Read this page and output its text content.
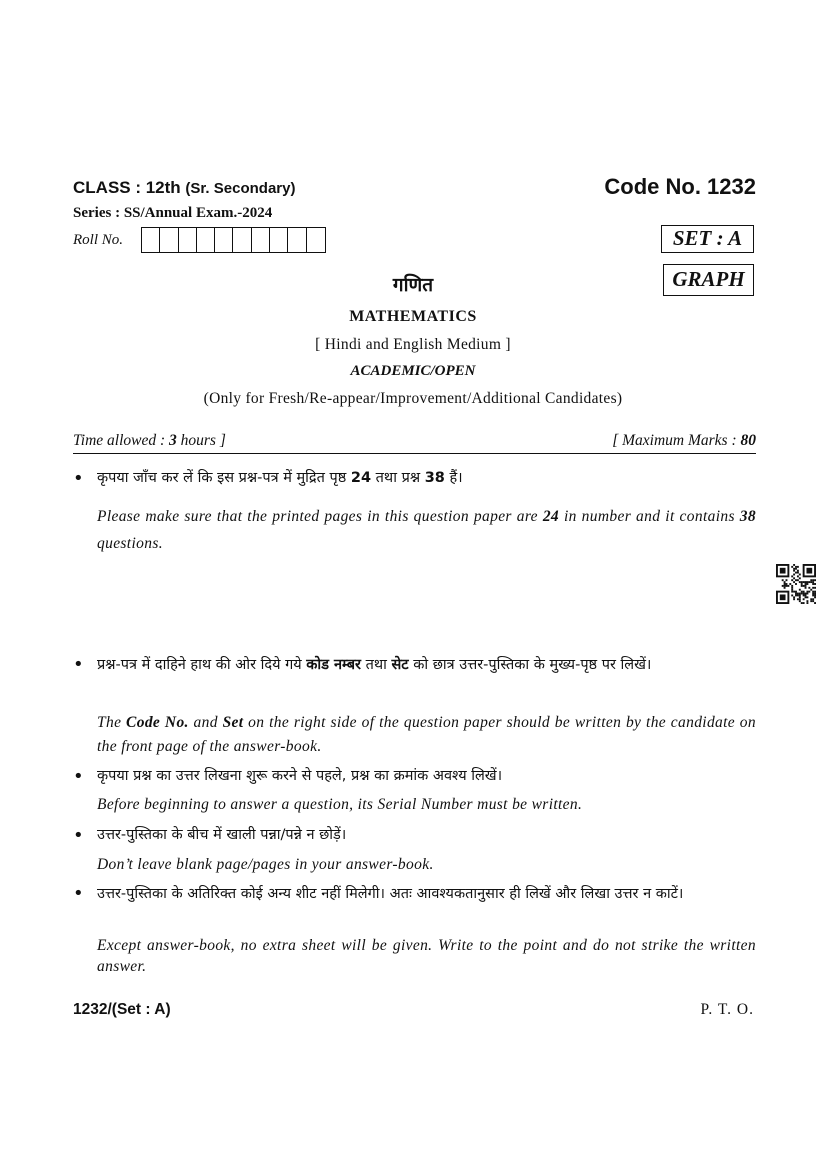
CLASS : 12th (Sr. Secondary)	Code No. 1232
Series : SS/Annual Exam.-2024
Roll No.	SET : A
GRAPH
गणित
MATHEMATICS
[ Hindi and English Medium ]
ACADEMIC/OPEN
(Only for Fresh/Re-appear/Improvement/Additional Candidates)
Time allowed : 3 hours ]	[ Maximum Marks : 80
• कृपया जाँच कर लें कि इस प्रश्न-पत्र में मुद्रित पृष्ठ 24 तथा प्रश्न 38 हैं।
Please make sure that the printed pages in this question paper are 24 in number and it contains 38 questions.
• प्रश्न-पत्र में दाहिने हाथ की ओर दिये गये कोड नम्बर तथा सेट को छात्र उत्तर-पुस्तिका के मुख्य-पृष्ठ पर लिखें।
The Code No. and Set on the right side of the question paper should be written by the candidate on the front page of the answer-book.
• कृपया प्रश्न का उत्तर लिखना शुरू करने से पहले, प्रश्न का क्रमांक अवश्य लिखें।
Before beginning to answer a question, its Serial Number must be written.
• उत्तर-पुस्तिका के बीच में खाली पन्ना/पन्ने न छोड़ें।
Don’t leave blank page/pages in your answer-book.
• उत्तर-पुस्तिका के अतिरिक्त कोई अन्य शीट नहीं मिलेगी। अतः आवश्यकतानुसार ही लिखें और लिखा उत्तर न काटें।
Except answer-book, no extra sheet will be given. Write to the point and do not strike the written answer.
1232/(Set : A)	P. T. O.
